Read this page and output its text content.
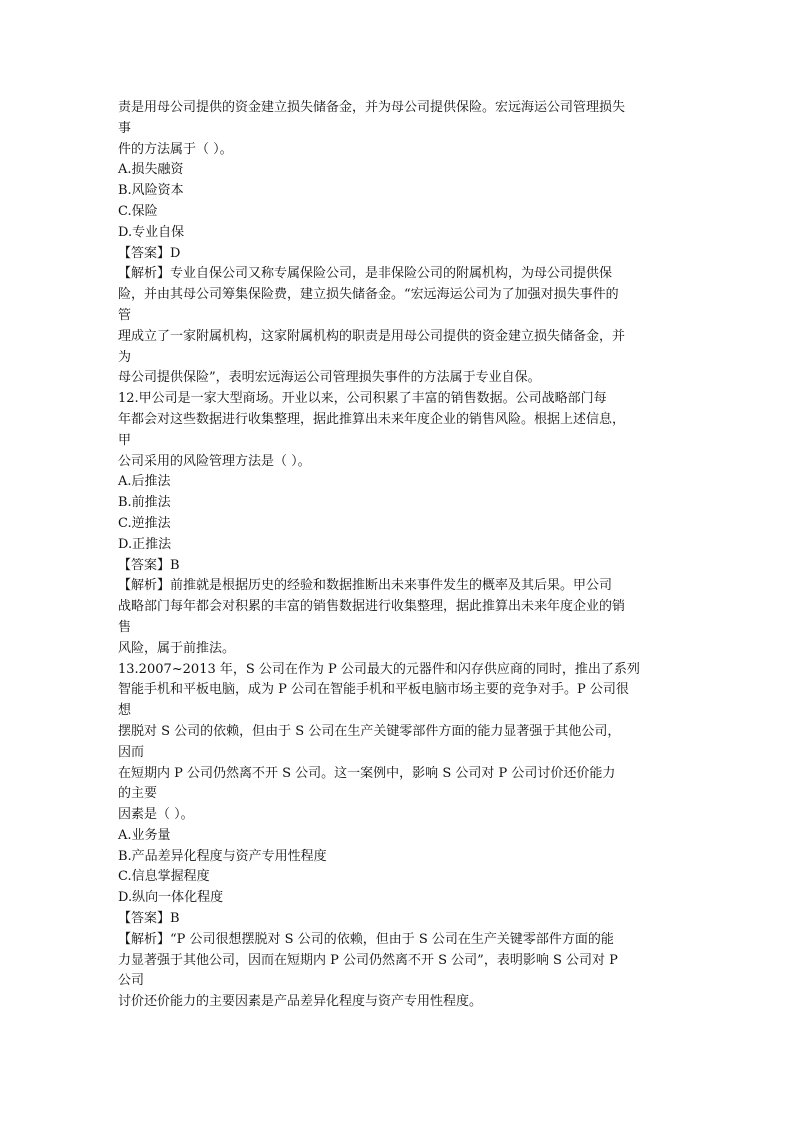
责是用母公司提供的资金建立损失储备金，并为母公司提供保险。宏远海运公司管理损失
事
件的方法属于（ ）。
A.损失融资
B.风险资本
C.保险
D.专业自保
【答案】D
【解析】专业自保公司又称专属保险公司，是非保险公司的附属机构，为母公司提供保
险，并由其母公司筹集保险费，建立损失储备金。“宏远海运公司为了加强对损失事件的
管
理成立了一家附属机构，这家附属机构的职责是用母公司提供的资金建立损失储备金，并
为
母公司提供保险”，表明宏远海运公司管理损失事件的方法属于专业自保。
12.甲公司是一家大型商场。开业以来，公司积累了丰富的销售数据。公司战略部门每
年都会对这些数据进行收集整理，据此推算出未来年度企业的销售风险。根据上述信息，
甲
公司采用的风险管理方法是（ ）。
A.后推法
B.前推法
C.逆推法
D.正推法
【答案】B
【解析】前推就是根据历史的经验和数据推断出未来事件发生的概率及其后果。甲公司
战略部门每年都会对积累的丰富的销售数据进行收集整理，据此推算出未来年度企业的销
售
风险，属于前推法。
13.2007~2013 年，S 公司在作为 P 公司最大的元器件和闪存供应商的同时，推出了系列
智能手机和平板电脑，成为 P 公司在智能手机和平板电脑市场主要的竞争对手。P 公司很
想
摆脱对 S 公司的依赖，但由于 S 公司在生产关键零部件方面的能力显著强于其他公司，
因而
在短期内 P 公司仍然离不开 S 公司。这一案例中，影响 S 公司对 P 公司讨价还价能力
的主要
因素是（ ）。
A.业务量
B.产品差异化程度与资产专用性程度
C.信息掌握程度
D.纵向一体化程度
【答案】B
【解析】“P 公司很想摆脱对 S 公司的依赖，但由于 S 公司在生产关键零部件方面的能
力显著强于其他公司，因而在短期内 P 公司仍然离不开 S 公司”，表明影响 S 公司对 P
公司
讨价还价能力的主要因素是产品差异化程度与资产专用性程度。
